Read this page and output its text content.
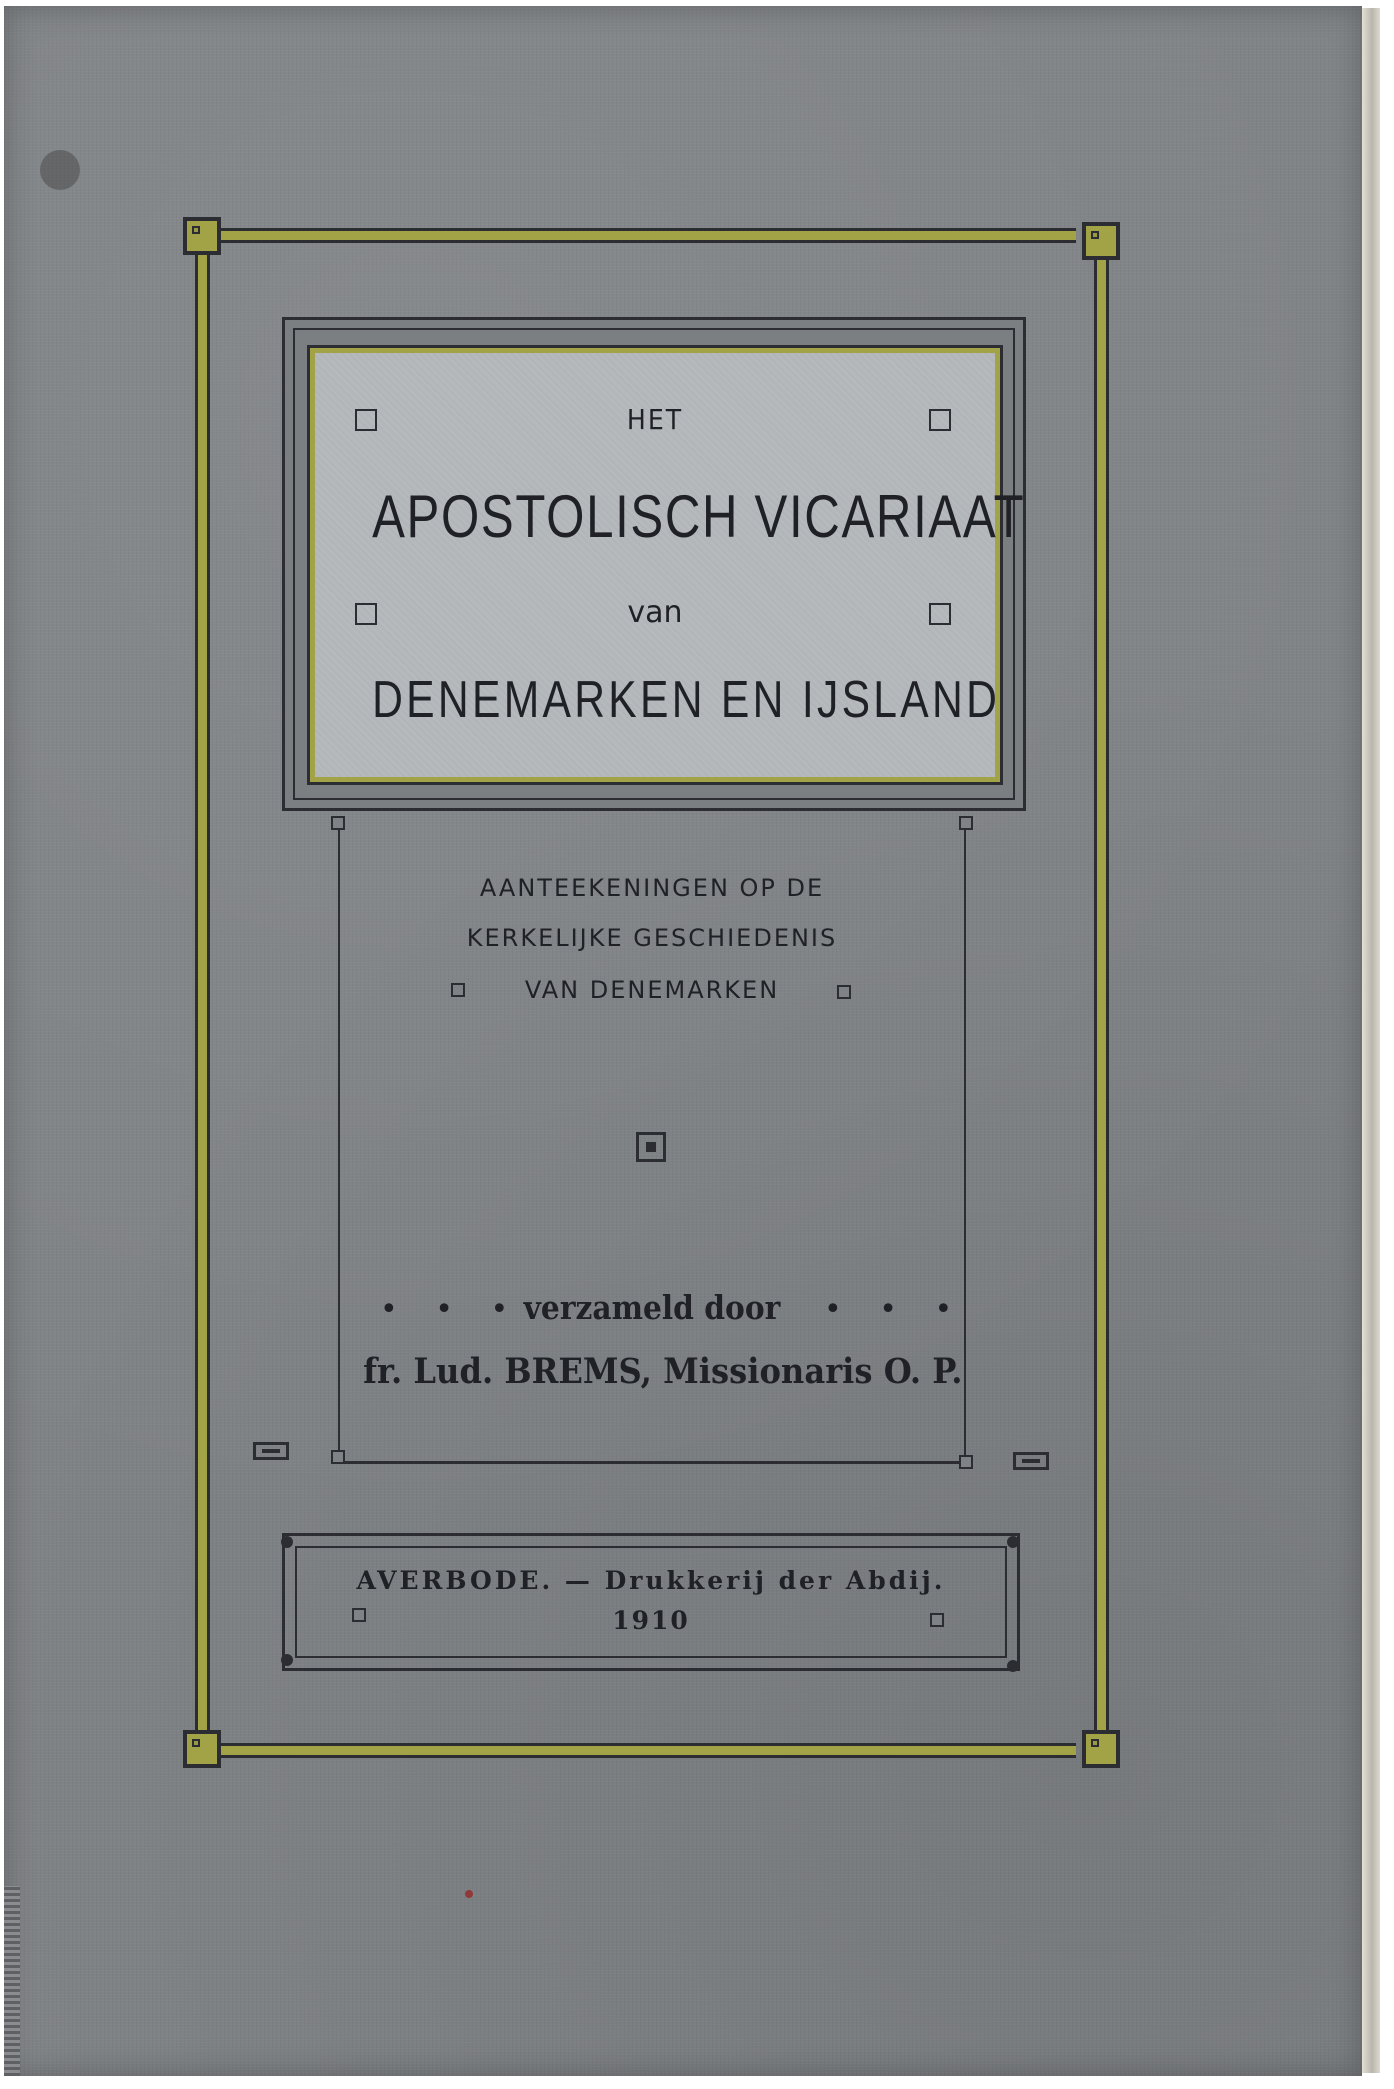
HET

APOSTOLISCH VICARIAAT

van

DENEMARKEN EN IJSLAND

AANTEEKENINGEN OP DE

KERKELIJKE GESCHIEDENIS

VAN DENEMARKEN

• • •	• • •

verzameld door

fr. Lud. BREMS, Missionaris O. P.

AVERBODE. — Drukkerij der Abdij.

1910
